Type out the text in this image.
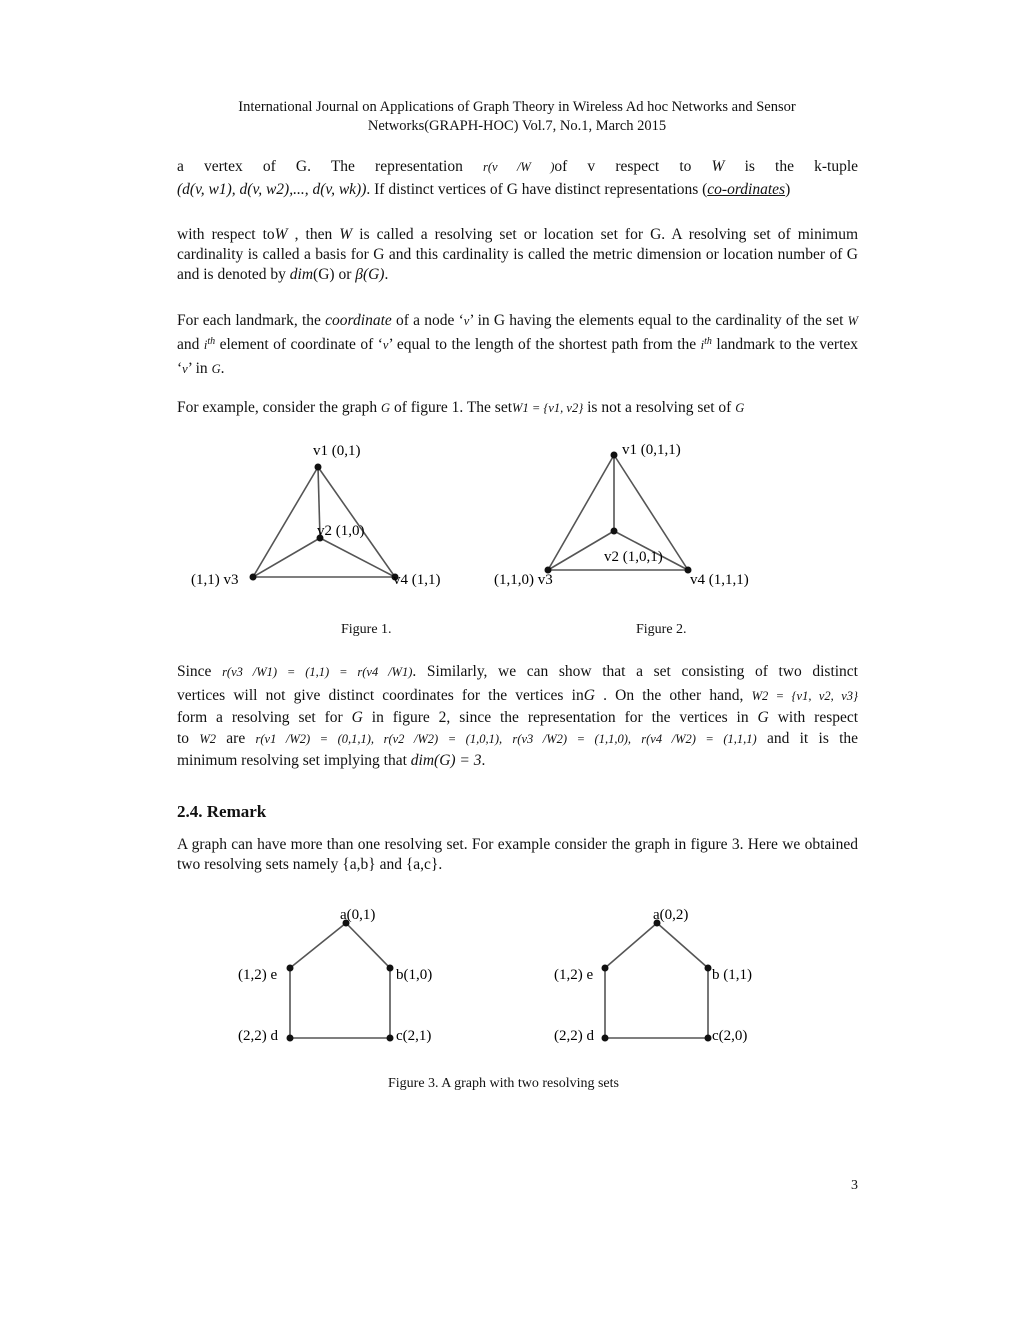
International Journal on Applications of Graph Theory in Wireless Ad hoc Networks and Sensor
Networks(GRAPH-HOC) Vol.7, No.1, March 2015
a vertex of G. The representation r(v /W )of v respect to W is the k-tuple
(d(v, w1), d(v, w2),..., d(v, wk)). If distinct vertices of G have distinct representations (co-ordinates)
with respect toW , then W is called a resolving set or location set for G. A resolving set of minimum cardinality is called a basis for G and this cardinality is called the metric dimension or location number of G and is denoted by dim(G) or β(G).
For each landmark, the coordinate of a node ‘v’ in G having the elements equal to the cardinality of the set W and $i^{th}$ element of coordinate of ‘v’ equal to the length of the shortest path from the $i^{th}$ landmark to the vertex ‘v’ in G.
For example, consider the graph G of figure 1. The setW1 = {v1, v2} is not a resolving set of G
v1 (0,1)
v2 (1,0)
(1,1) v3	v4 (1,1)
Figure 1.
v1 (0,1,1)
v2 (1,0,1)
(1,1,0) v3	v4 (1,1,1)
Figure 2.
Since r(v3 /W1) = (1,1) = r(v4 /W1). Similarly, we can show that a set consisting of two distinct
vertices will not give distinct coordinates for the vertices inG . On the other hand, W2 = {v1, v2, v3}
form a resolving set for G in figure 2, since the representation for the vertices in G with respect
to W2 are r(v1 /W2) = (0,1,1), r(v2 /W2) = (1,0,1), r(v3 /W2) = (1,1,0), r(v4 /W2) = (1,1,1) and it is the
minimum resolving set implying that dim(G) = 3.
2.4. Remark
A graph can have more than one resolving set. For example consider the graph in figure 3. Here we obtained two resolving sets namely {a,b} and {a,c}.
a(0,1)
b(1,0)
c(2,1)
(2,2) d
(1,2) e
a(0,2)
b (1,1)
c(2,0)
(2,2) d
(1,2) e
Figure 3. A graph with two resolving sets
3
